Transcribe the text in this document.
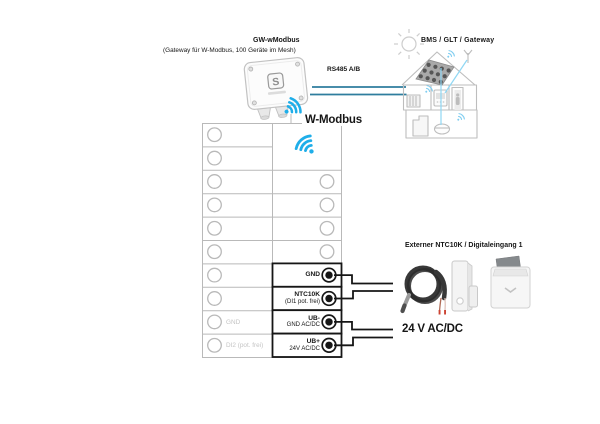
S
GW-wModbus
(Gateway für W-Modbus, 100 Geräte im Mesh)
BMS / GLT / Gateway
RS485 A/B
W-Modbus
Externer NTC10K / Digitaleingang 1
24 V AC/DC
GND
DI2 (pot. frei)
GND
NTC10K
(DI1 pot. frei)
UB-
GND AC/DC
UB+
24V AC/DC
